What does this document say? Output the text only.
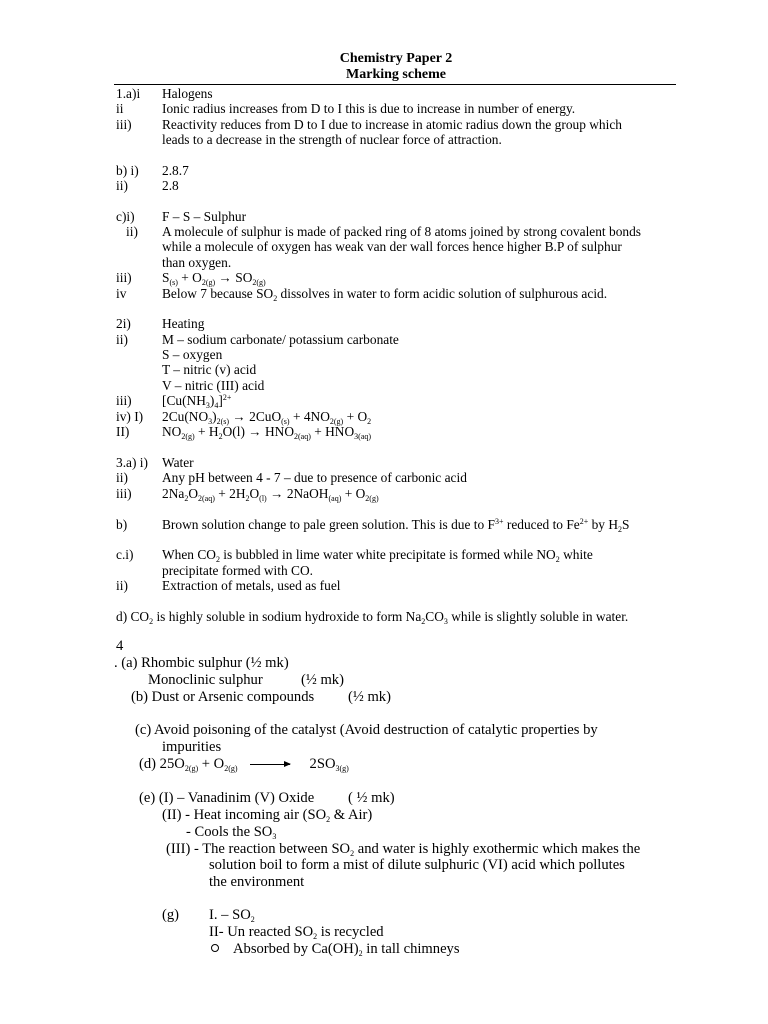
Chemistry Paper 2
Marking scheme
1.a)i Halogens
ii	Ionic radius increases from D to I this is due to increase in number of energy.
iii) Reactivity reduces from D to I due to increase in atomic radius down the group which
leads to a decrease in the strength of nuclear force of attraction.
b) i) 2.8.7
ii)	2.8
c)i) F – S – Sulphur
ii) A molecule of sulphur is made of packed ring of 8 atoms joined by strong covalent bonds
while a molecule of oxygen has weak van der wall forces hence higher B.P of sulphur
than oxygen.
iii) $S_{(s)} + O_{2(g)} \to SO_{2(g)}$
iv	Below 7 because $SO_2$ dissolves in water to form acidic solution of sulphurous acid.
2i) Heating
ii)	M – sodium carbonate/ potassium carbonate
S – oxygen
T – nitric (v) acid
V – nitric (III) acid
iii) $[Cu(NH_3)_4]^{2+}$
iv) I) $2Cu(NO_3)_{2(s)} \to 2CuO_{(s)} + 4NO_{2(g)} + O_2$
II) $NO_{2(g)} + H_2O(l) \to HNO_{2(aq)} + HNO_{3(aq)}$
3.a) i) Water
ii)	Any pH between 4 - 7 – due to presence of carbonic acid
iii) $2Na_2O_{2(aq)} + 2H_2O_{(l)}$ → 2NaOH$_{(aq)}$ + $O_{2(g)}$
b)	Brown solution change to pale green solution. This is due to $F^{3+}$ reduced to $Fe^{2+}$ by $H_2S$
c.i) When $CO_2$ is bubbled in lime water white precipitate is formed while $NO_2$ white
precipitate formed with CO.
ii)	Extraction of metals, used as fuel
d) $CO_2$ is highly soluble in sodium hydroxide to form $Na_2CO_3$ while is slightly soluble in water.
4
. (a) Rhombic sulphur (½ mk)
Monoclinic sulphur	(½ mk)
(b) Dust or Arsenic compounds (½ mk)
(c) Avoid poisoning of the catalyst (Avoid destruction of catalytic properties by
impurities
(d) $25O_{2(g)} + O_{2(g)} \to 2SO_{3(g)}$
(e) (I) – Vanadinim (V) Oxide ( ½ mk)
(II) - Heat incoming air ($SO_2$ & Air)
- Cools the $SO_3$
(III) - The reaction between $SO_2$ and water is highly exothermic which makes the
solution boil to form a mist of dilute sulphuric (VI) acid which pollutes
the environment
(g) I. – $SO_2$
II- Un reacted $SO_2$ is recycled
Absorbed by $Ca(OH)_2$ in tall chimneys
